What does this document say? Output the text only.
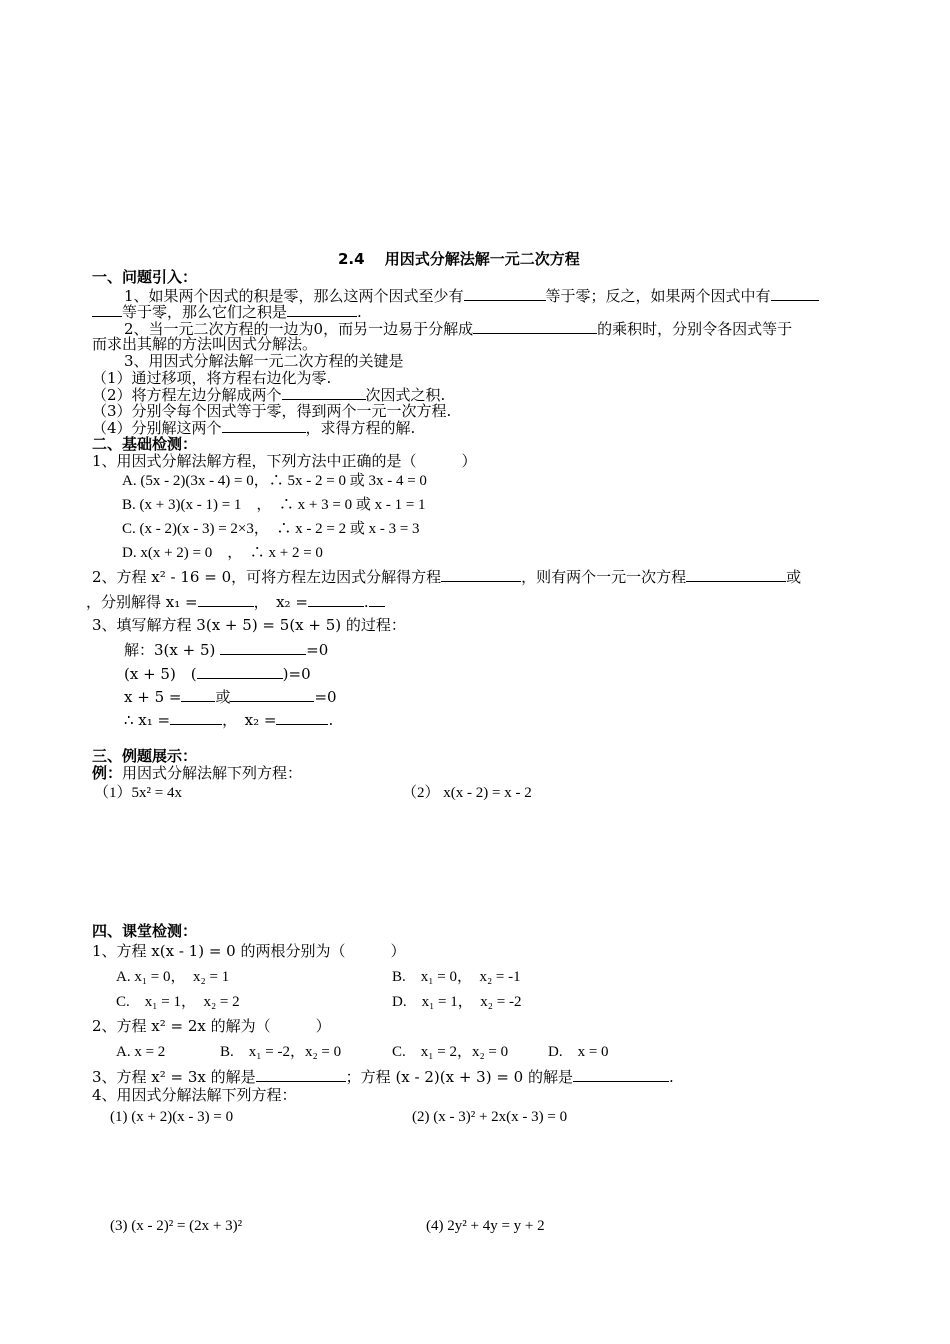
2.4　 用因式分解法解一元二次方程
一、问题引入：
1、如果两个因式的积是零，那么这两个因式至少有	等于零；反之，如果两个因式中有
等于零，那么它们之积是	.
2、当一元二次方程的一边为0，而另一边易于分解成	的乘积时，分别令各因式等于
而求出其解的方法叫因式分解法。
3、用因式分解法解一元二次方程的关键是
（1）通过移项，将方程右边化为零.
（2）将方程左边分解成两个	次因式之积.
（3）分别令每个因式等于零，得到两个一元一次方程.
（4）分别解这两个	，求得方程的解.
二、基础检测：
1、用因式分解法解方程，下列方法中正确的是（　　　）
A. (5x - 2)(3x - 4) = 0，∴ 5x - 2 = 0 或 3x - 4 = 0
B. (x + 3)(x - 1) = 1　，　∴ x + 3 = 0 或 x - 1 = 1
C. (x - 2)(x - 3) = 2×3，　∴ x - 2 = 2 或 x - 3 = 3
D. x(x + 2) = 0　，　∴ x + 2 = 0
2、方程 x² - 16 = 0，可将方程左边因式分解得方程	，则有两个一元一次方程	或
，分别解得 x₁ =	，　x₂ =	.
3、填写解方程 3(x + 5) = 5(x + 5) 的过程：
解：3(x + 5)	=0
(x + 5)　(	)=0
x + 5 = 或	=0
∴ x₁ =	，　x₂ =	.
三、例题展示：
例：用因式分解法解下列方程：
（1）5x² = 4x	（2） x(x - 2) = x - 2
四、课堂检测：
1、方程 x(x - 1) = 0 的两根分别为（　　　）
A. x₁ = 0，　x₂ = 1	B.　x₁ = 0，　x₂ = -1
C.　x₁ = 1，　x₂ = 2	D.　x₁ = 1，　x₂ = -2
2、方程 x² = 2x 的解为（　　　）
A. x = 2	B.　x₁ = -2，x₂ = 0	C.　x₁ = 2，x₂ = 0	D.　x = 0
3、方程 x² = 3x 的解是	；方程 (x - 2)(x + 3) = 0 的解是	.
4、用因式分解法解下列方程：
(1) (x + 2)(x - 3) = 0	(2) (x - 3)² + 2x(x - 3) = 0
(3) (x - 2)² = (2x + 3)²	(4) 2y² + 4y = y + 2
